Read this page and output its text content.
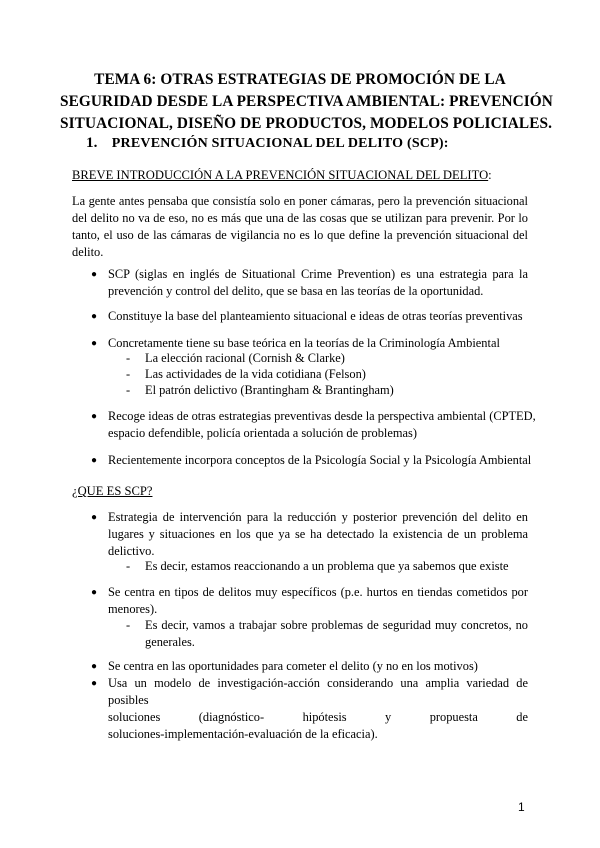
TEMA 6: OTRAS ESTRATEGIAS DE PROMOCIÓN DE LA
SEGURIDAD DESDE LA PERSPECTIVA AMBIENTAL: PREVENCIÓN
SITUACIONAL, DISEÑO DE PRODUCTOS, MODELOS POLICIALES.
1. PREVENCIÓN SITUACIONAL DEL DELITO (SCP):
BREVE INTRODUCCIÓN A LA PREVENCIÓN SITUACIONAL DEL DELITO:
La gente antes pensaba que consistía solo en poner cámaras, pero la prevención situacional
del delito no va de eso, no es más que una de las cosas que se utilizan para prevenir. Por lo
tanto, el uso de las cámaras de vigilancia no es lo que define la prevención situacional del
delito.
● SCP (siglas en inglés de Situational Crime Prevention) es una estrategia para la
prevención y control del delito, que se basa en las teorías de la oportunidad.
● Constituye la base del planteamiento situacional e ideas de otras teorías preventivas
● Concretamente tiene su base teórica en la teorías de la Criminología Ambiental
- La elección racional (Cornish & Clarke)
- Las actividades de la vida cotidiana (Felson)
- El patrón delictivo (Brantingham & Brantingham)
● Recoge ideas de otras estrategias preventivas desde la perspectiva ambiental (CPTED,
espacio defendible, policía orientada a solución de problemas)
● Recientemente incorpora conceptos de la Psicología Social y la Psicología Ambiental
¿QUE ES SCP?
● Estrategia de intervención para la reducción y posterior prevención del delito en
lugares y situaciones en los que ya se ha detectado la existencia de un problema
delictivo.
- Es decir, estamos reaccionando a un problema que ya sabemos que existe
● Se centra en tipos de delitos muy específicos (p.e. hurtos en tiendas cometidos por
menores).
- Es decir, vamos a trabajar sobre problemas de seguridad muy concretos, no
generales.
● Se centra en las oportunidades para cometer el delito (y no en los motivos)
● Usa un modelo de investigación-acción considerando una amplia variedad de posibles
soluciones (diagnóstico- hipótesis y propuesta de
soluciones-implementación-evaluación de la eficacia).
1
